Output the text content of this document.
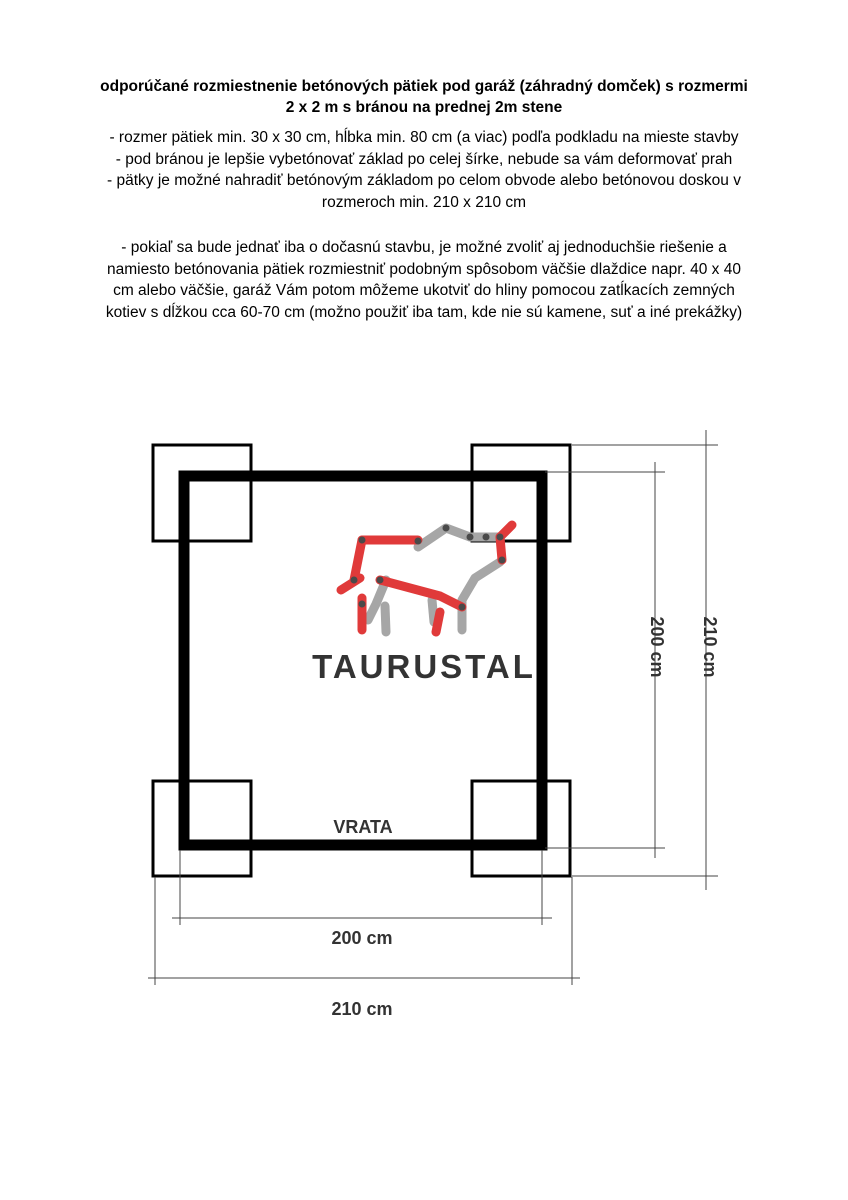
odporúčané rozmiestnenie betónových pätiek pod garáž (záhradný domček) s rozmermi
2 x 2 m s bránou na prednej 2m stene
- rozmer pätiek min. 30 x 30 cm, hĺbka min. 80 cm (a viac) podľa podkladu na mieste stavby
- pod bránou je lepšie vybetónovať základ po celej šírke, nebude sa vám deformovať prah
- pätky je možné nahradiť betónovým základom po celom obvode alebo betónovou doskou v
rozmeroch min. 210 x 210 cm
- pokiaľ sa bude jednať iba o dočasnú stavbu, je možné zvoliť aj jednoduchšie riešenie a
namiesto betónovania pätiek rozmiestniť podobným spôsobom väčšie dlaždice napr. 40 x 40
cm alebo väčšie, garáž Vám potom môžeme ukotviť do hliny pomocou zatĺkacích zemných
kotiev s dĺžkou cca 60-70 cm (možno použiť iba tam, kde nie sú kamene, suť a iné prekážky)
TAURUSTAL
VRATA
200 cm
210 cm
200 cm 210 cm
